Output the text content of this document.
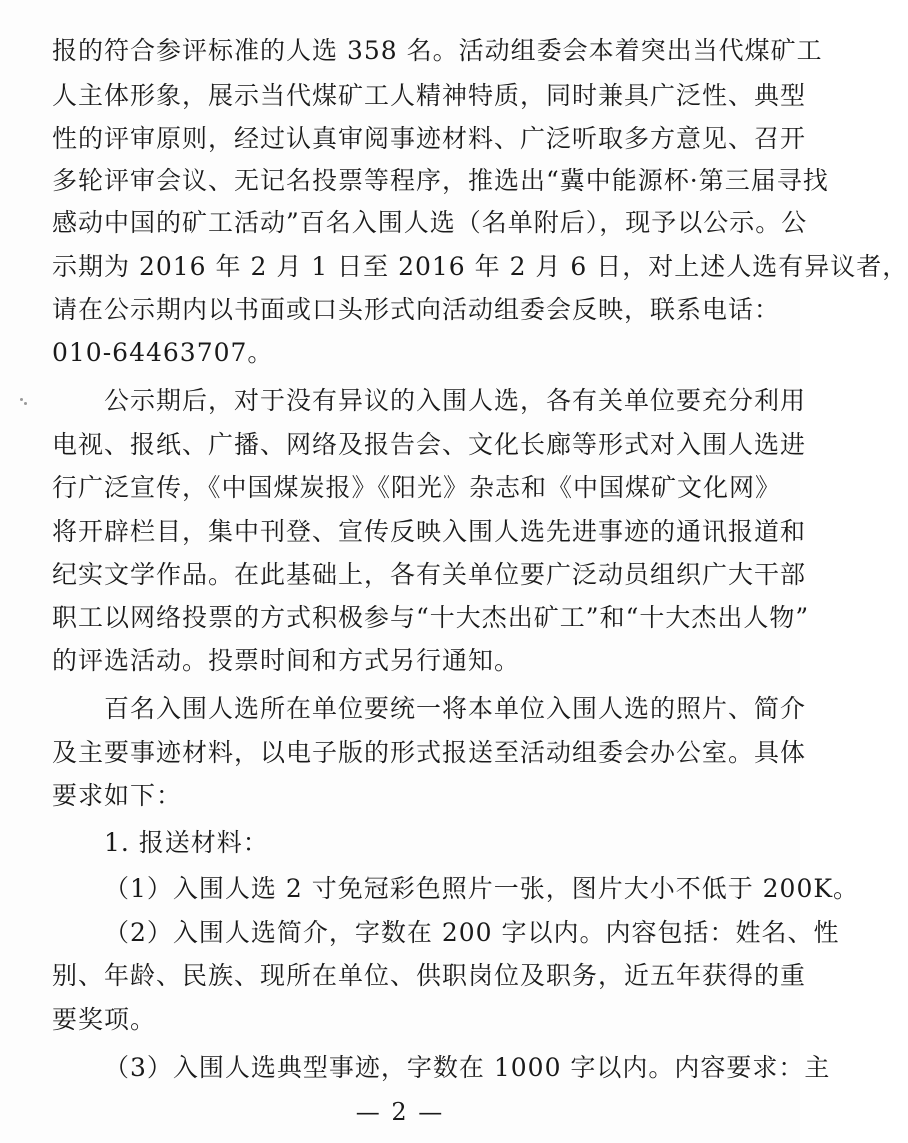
报的符合参评标准的人选 358 名。活动组委会本着突出当代煤矿工

人主体形象，展示当代煤矿工人精神特质，同时兼具广泛性、典型

性的评审原则，经过认真审阅事迹材料、广泛听取多方意见、召开

多轮评审会议、无记名投票等程序，推选出“冀中能源杯·第三届寻找

感动中国的矿工活动”百名入围人选（名单附后），现予以公示。公

示期为 2016 年 2 月 1 日至 2016 年 2 月 6 日，对上述人选有异议者，

请在公示期内以书面或口头形式向活动组委会反映，联系电话：

010-64463707。

公示期后，对于没有异议的入围人选，各有关单位要充分利用

电视、报纸、广播、网络及报告会、文化长廊等形式对入围人选进

行广泛宣传，《中国煤炭报》《阳光》杂志和《中国煤矿文化网》

将开辟栏目，集中刊登、宣传反映入围人选先进事迹的通讯报道和

纪实文学作品。在此基础上，各有关单位要广泛动员组织广大干部

职工以网络投票的方式积极参与“十大杰出矿工”和“十大杰出人物”

的评选活动。投票时间和方式另行通知。

百名入围人选所在单位要统一将本单位入围人选的照片、简介

及主要事迹材料，以电子版的形式报送至活动组委会办公室。具体

要求如下：

1. 报送材料：

（1）入围人选 2 寸免冠彩色照片一张，图片大小不低于 200K。

（2）入围人选简介，字数在 200 字以内。内容包括：姓名、性

别、年龄、民族、现所在单位、供职岗位及职务，近五年获得的重

要奖项。

（3）入围人选典型事迹，字数在 1000 字以内。内容要求：主

— 2 —
